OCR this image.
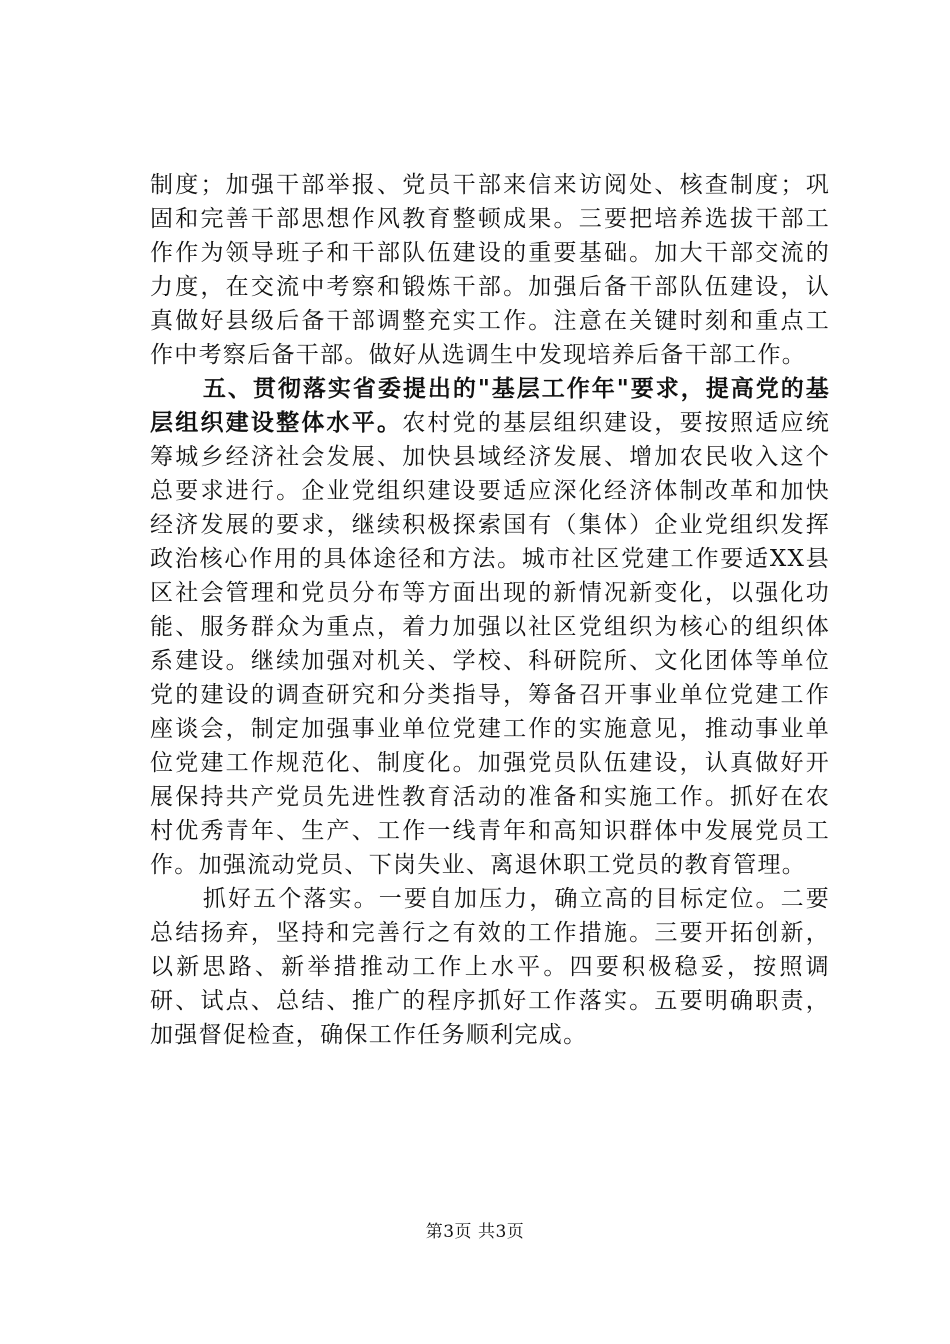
制度；加强干部举报、党员干部来信来访阅处、核查制度；巩固和完善干部思想作风教育整顿成果。三要把培养选拔干部工作作为领导班子和干部队伍建设的重要基础。加大干部交流的力度，在交流中考察和锻炼干部。加强后备干部队伍建设，认真做好县级后备干部调整充实工作。注意在关键时刻和重点工作中考察后备干部。做好从选调生中发现培养后备干部工作。

五、贯彻落实省委提出的"基层工作年"要求，提高党的基层组织建设整体水平。农村党的基层组织建设，要按照适应统筹城乡经济社会发展、加快县域经济发展、增加农民收入这个总要求进行。企业党组织建设要适应深化经济体制改革和加快经济发展的要求，继续积极探索国有（集体）企业党组织发挥政治核心作用的具体途径和方法。城市社区党建工作要适XX县区社会管理和党员分布等方面出现的新情况新变化，以强化功能、服务群众为重点，着力加强以社区党组织为核心的组织体系建设。继续加强对机关、学校、科研院所、文化团体等单位党的建设的调查研究和分类指导，筹备召开事业单位党建工作座谈会，制定加强事业单位党建工作的实施意见，推动事业单位党建工作规范化、制度化。加强党员队伍建设，认真做好开展保持共产党员先进性教育活动的准备和实施工作。抓好在农村优秀青年、生产、工作一线青年和高知识群体中发展党员工作。加强流动党员、下岗失业、离退休职工党员的教育管理。

抓好五个落实。一要自加压力，确立高的目标定位。二要总结扬弃，坚持和完善行之有效的工作措施。三要开拓创新，以新思路、新举措推动工作上水平。四要积极稳妥，按照调研、试点、总结、推广的程序抓好工作落实。五要明确职责，加强督促检查，确保工作任务顺利完成。

第3页 共3页
